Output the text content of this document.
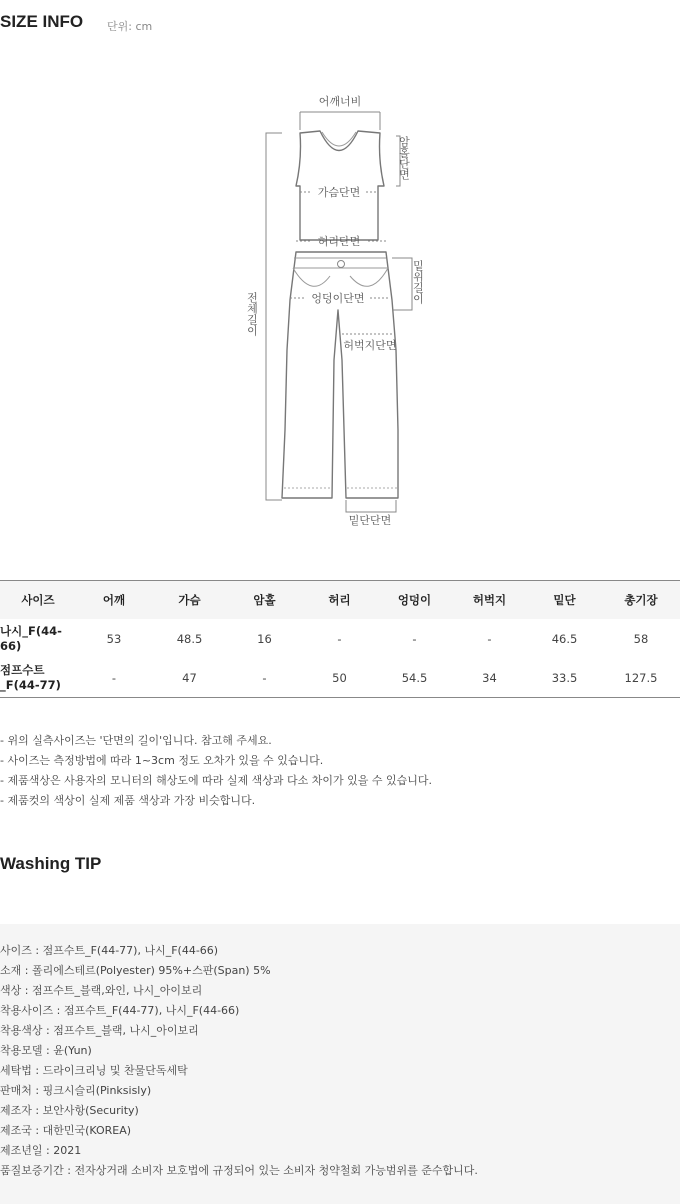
SIZE INFO 단위: cm
어깨너비
암홀단면
가슴단면
허리단면
밑위길이
엉덩이단면
전체길이
허벅지단면
밑단단면
사이즈	어깨	가슴	암홀	허리	엉덩이	허벅지	밑단	총기장
나시_F(44-66)	53	48.5	16	-	-	-	46.5	58
점프수트_F(44-77)	-	47	-	50	54.5	34	33.5	127.5
- 위의 실측사이즈는 '단면의 길이'입니다. 참고해 주세요.
- 사이즈는 측정방법에 따라 1~3cm 정도 오차가 있을 수 있습니다.
- 제품색상은 사용자의 모니터의 해상도에 따라 실제 색상과 다소 차이가 있을 수 있습니다.
- 제품컷의 색상이 실제 제품 색상과 가장 비슷합니다.
Washing TIP
사이즈 : 점프수트_F(44-77), 나시_F(44-66)
소재 : 폴리에스테르(Polyester) 95%+스판(Span) 5%
색상 : 점프수트_블랙,와인, 나시_아이보리
착용사이즈 : 점프수트_F(44-77), 나시_F(44-66)
착용색상 : 점프수트_블랙, 나시_아이보리
착용모델 : 윤(Yun)
세탁법 : 드라이크리닝 및 찬물단독세탁
판매처 : 핑크시슬리(Pinksisly)
제조자 : 보안사항(Security)
제조국 : 대한민국(KOREA)
제조년일 : 2021
품질보증기간 : 전자상거래 소비자 보호법에 규정되어 있는 소비자 청약철회 가능범위를 준수합니다.
